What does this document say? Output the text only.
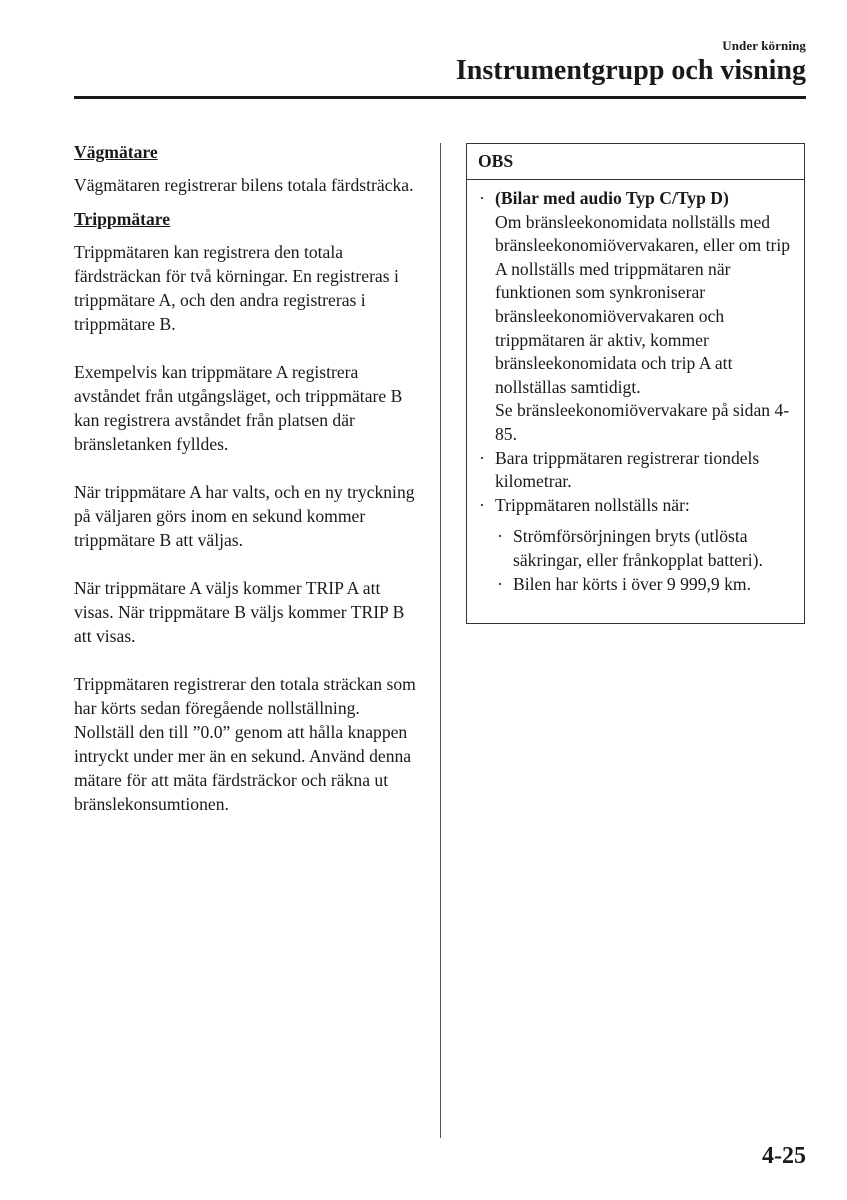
Under körning
Instrumentgrupp och visning
Vägmätare

Vägmätaren registrerar bilens totala färdsträcka.

Trippmätare

Trippmätaren kan registrera den totala färdsträckan för två körningar. En registreras i trippmätare A, och den andra registreras i trippmätare B.

Exempelvis kan trippmätare A registrera avståndet från utgångsläget, och trippmätare B kan registrera avståndet från platsen där bränsletanken fylldes.

När trippmätare A har valts, och en ny tryckning på väljaren görs inom en sekund kommer trippmätare B att väljas.

När trippmätare A väljs kommer TRIP A att visas. När trippmätare B väljs kommer TRIP B att visas.

Trippmätaren registrerar den totala sträckan som har körts sedan föregående nollställning. Nollställ den till ”0.0” genom att hålla knappen intryckt under mer än en sekund. Använd denna mätare för att mäta färdsträckor och räkna ut bränslekonsumtionen.

OBS
· (Bilar med audio Typ C/Typ D)
Om bränsleekonomidata nollställs med bränsleekonomiövervakaren, eller om trip A nollställs med trippmätaren när funktionen som synkroniserar bränsleekonomiövervakaren och trippmätaren är aktiv, kommer bränsleekonomidata och trip A att nollställas samtidigt.
Se bränsleekonomiövervakare på sidan 4-85.
· Bara trippmätaren registrerar tiondels kilometrar.
· Trippmätaren nollställs när:
· Strömförsörjningen bryts (utlösta säkringar, eller frånkopplat batteri).
· Bilen har körts i över 9 999,9 km.
4-25
